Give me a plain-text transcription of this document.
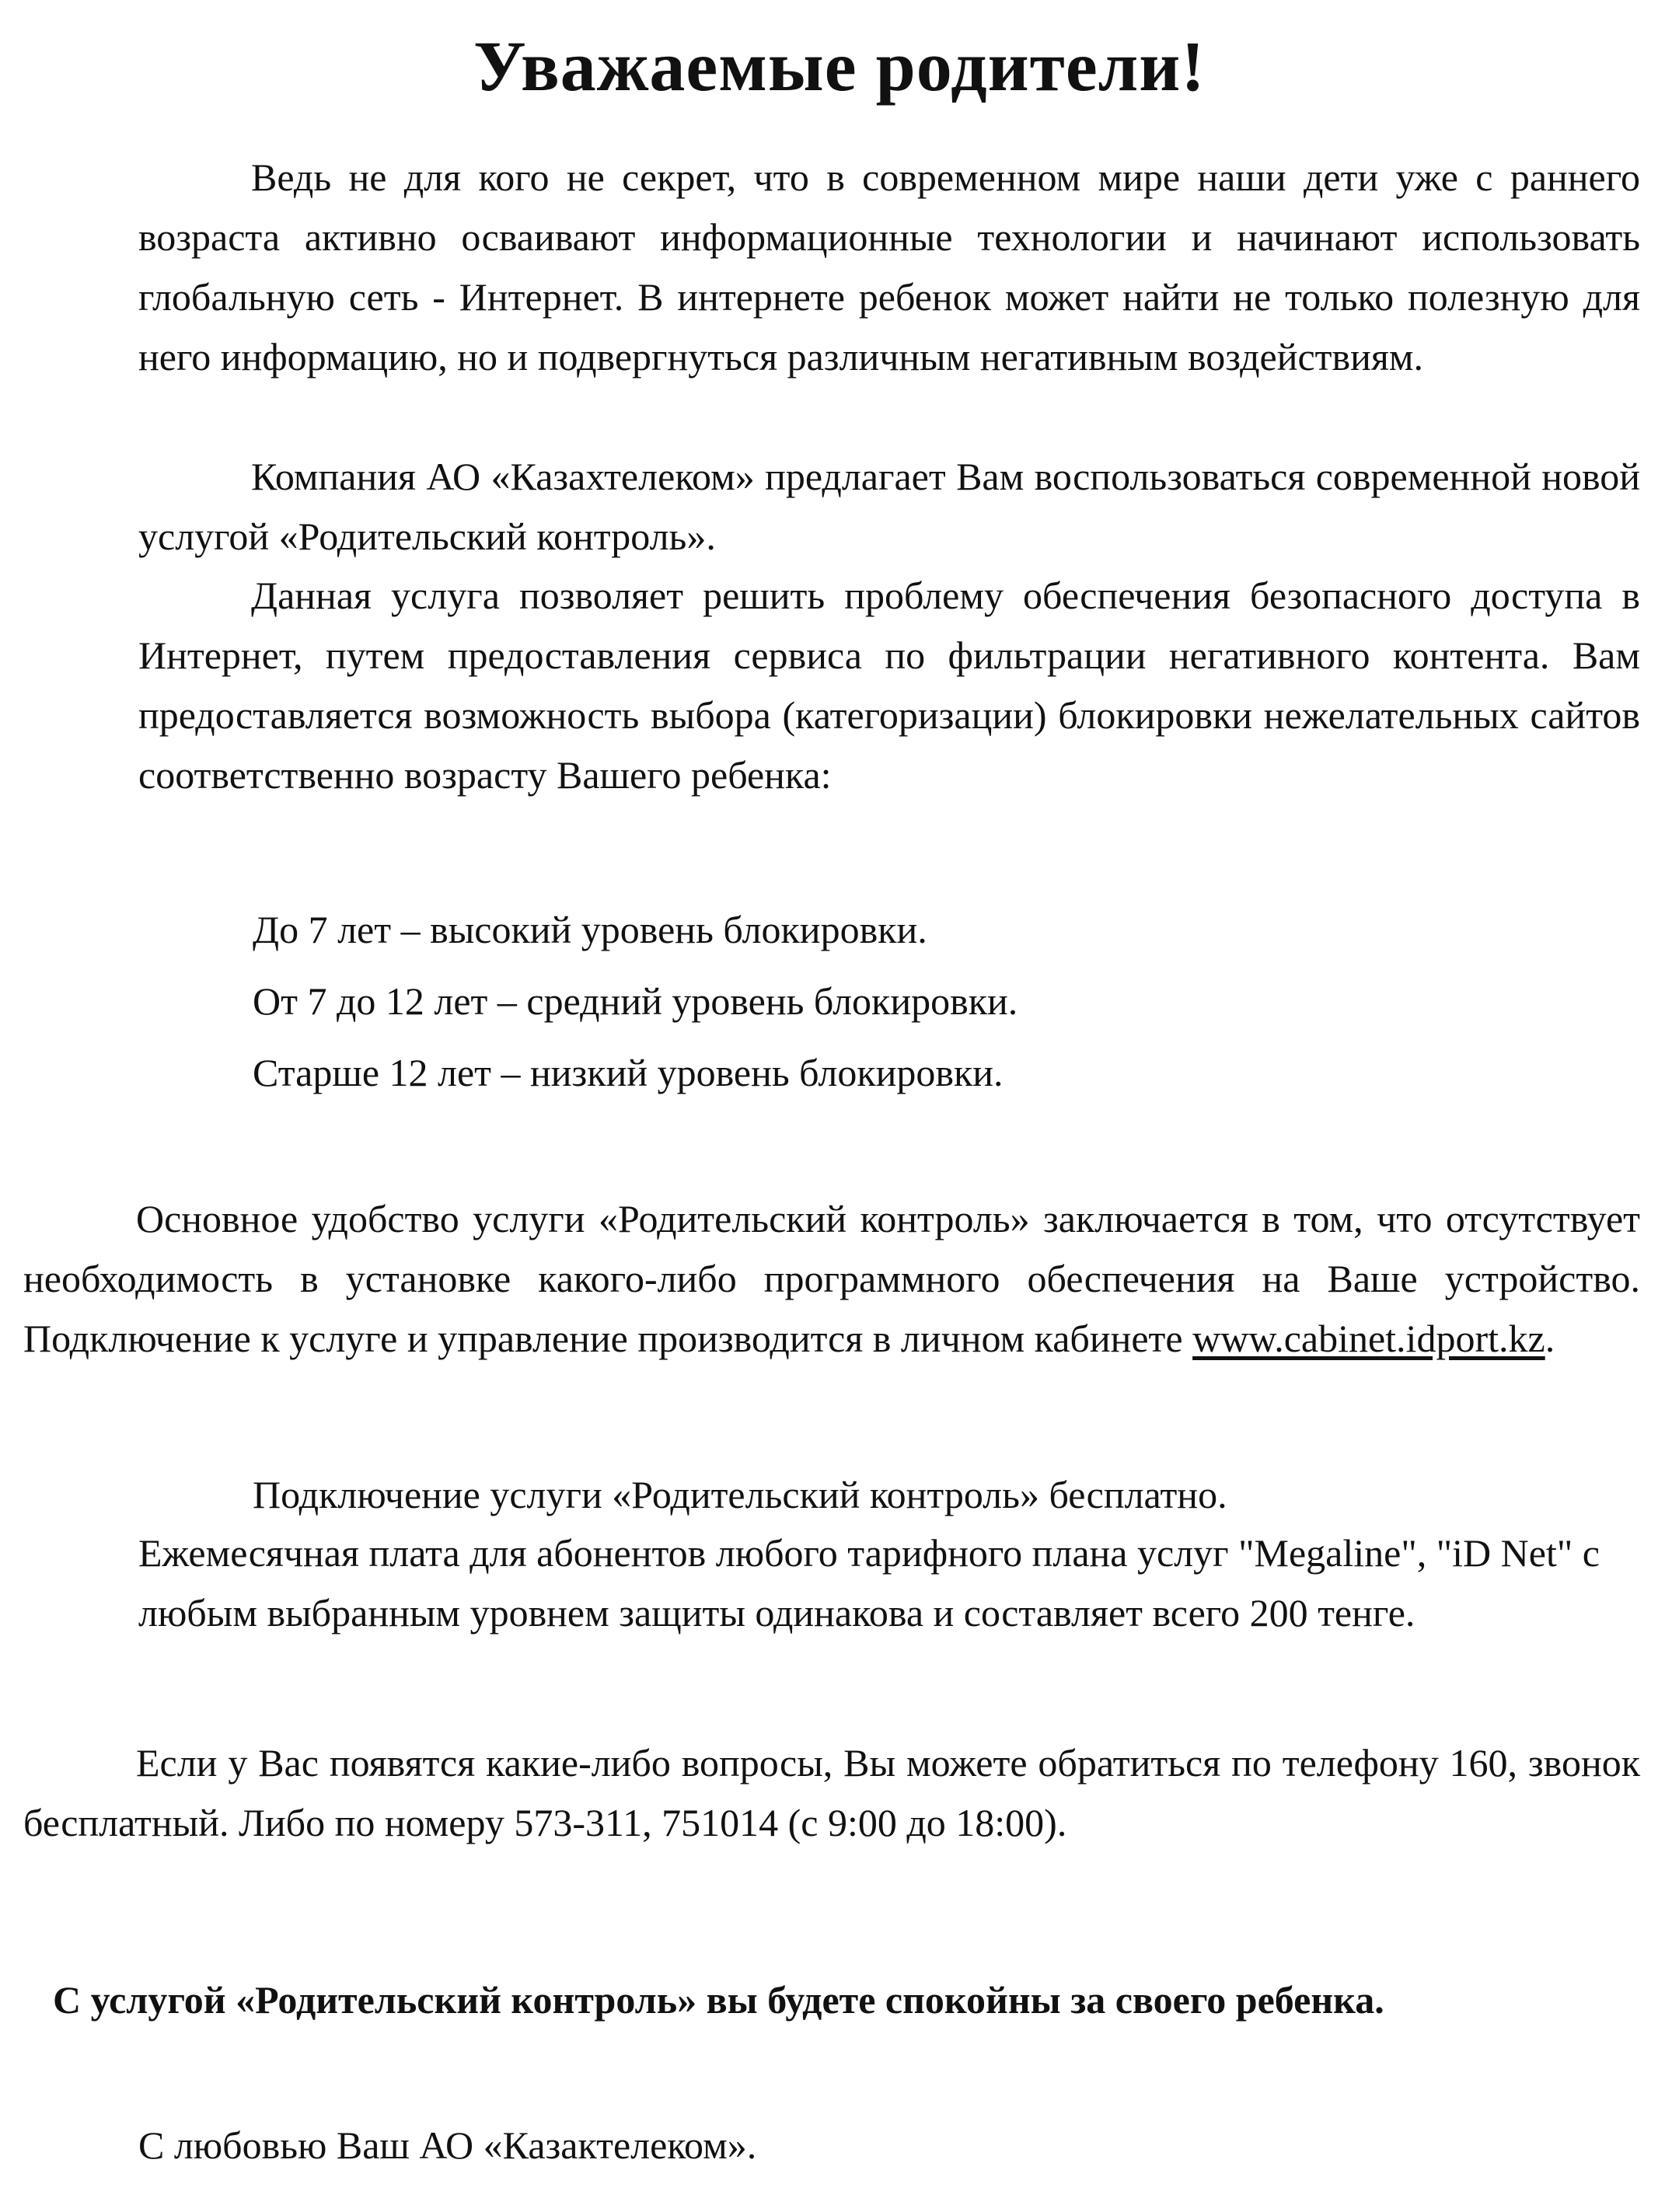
Уважаемые родители!

Ведь не для кого не секрет, что в современном мире наши дети уже с раннего возраста активно осваивают информационные технологии и начинают использовать глобальную сеть - Интернет. В интернете ребенок может найти не только полезную для него информацию, но и подвергнуться различным негативным воздействиям.

Компания АО «Казахтелеком» предлагает Вам воспользоваться современной новой услугой «Родительский контроль».

Данная услуга позволяет решить проблему обеспечения безопасного доступа в Интернет, путем предоставления сервиса по фильтрации негативного контента. Вам предоставляется возможность выбора (категоризации) блокировки нежелательных сайтов соответственно возрасту Вашего ребенка:

До 7 лет – высокий уровень блокировки.

От 7 до 12 лет – средний уровень блокировки.

Старше 12 лет – низкий уровень блокировки.

Основное удобство услуги «Родительский контроль» заключается в том, что отсутствует необходимость в установке какого-либо программного обеспечения на Ваше устройство. Подключение к услуге и управление производится в личном кабинете www.cabinet.idport.kz.

Подключение услуги «Родительский контроль» бесплатно.

Ежемесячная плата для абонентов любого тарифного плана услуг "Megaline", "iD Net" с любым выбранным уровнем защиты одинакова и составляет всего 200 тенге.

Если у Вас появятся какие-либо вопросы, Вы можете обратиться по телефону 160, звонок бесплатный. Либо по номеру 573-311, 751014 (с 9:00 до 18:00).

С услугой «Родительский контроль» вы будете спокойны за своего ребенка.

С любовью Ваш АО «Казактелеком».
